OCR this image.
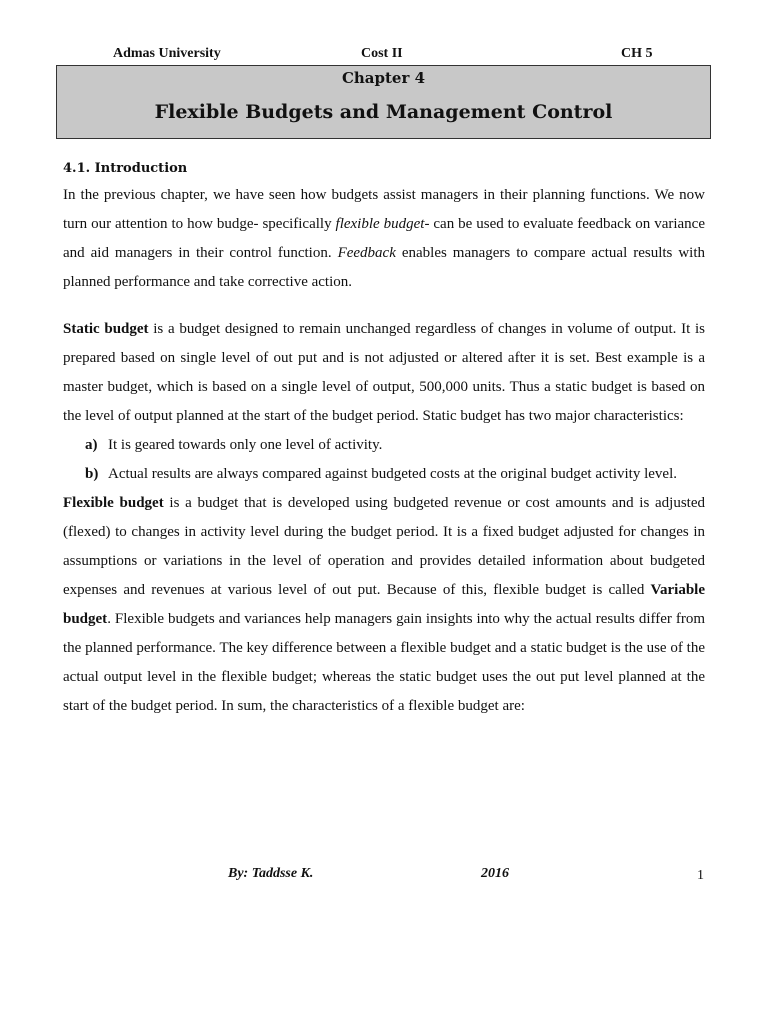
Admas University	Cost II	CH 5
Chapter 4
Flexible Budgets and Management Control

4.1. Introduction

In the previous chapter, we have seen how budgets assist managers in their planning functions. We now turn our attention to how budge- specifically flexible budget- can be used to evaluate feedback on variance and aid managers in their control function. Feedback enables managers to compare actual results with planned performance and take corrective action.

Static budget is a budget designed to remain unchanged regardless of changes in volume of output. It is prepared based on single level of out put and is not adjusted or altered after it is set. Best example is a master budget, which is based on a single level of output, 500,000 units. Thus a static budget is based on the level of output planned at the start of the budget period. Static budget has two major characteristics:

a) It is geared towards only one level of activity.
b) Actual results are always compared against budgeted costs at the original budget activity level.

Flexible budget is a budget that is developed using budgeted revenue or cost amounts and is adjusted (flexed) to changes in activity level during the budget period. It is a fixed budget adjusted for changes in assumptions or variations in the level of operation and provides detailed information about budgeted expenses and revenues at various level of out put. Because of this, flexible budget is called Variable budget. Flexible budgets and variances help managers gain insights into why the actual results differ from the planned performance. The key difference between a flexible budget and a static budget is the use of the actual output level in the flexible budget; whereas the static budget uses the out put level planned at the start of the budget period. In sum, the characteristics of a flexible budget are:

By: Taddsse K.	2016	1
